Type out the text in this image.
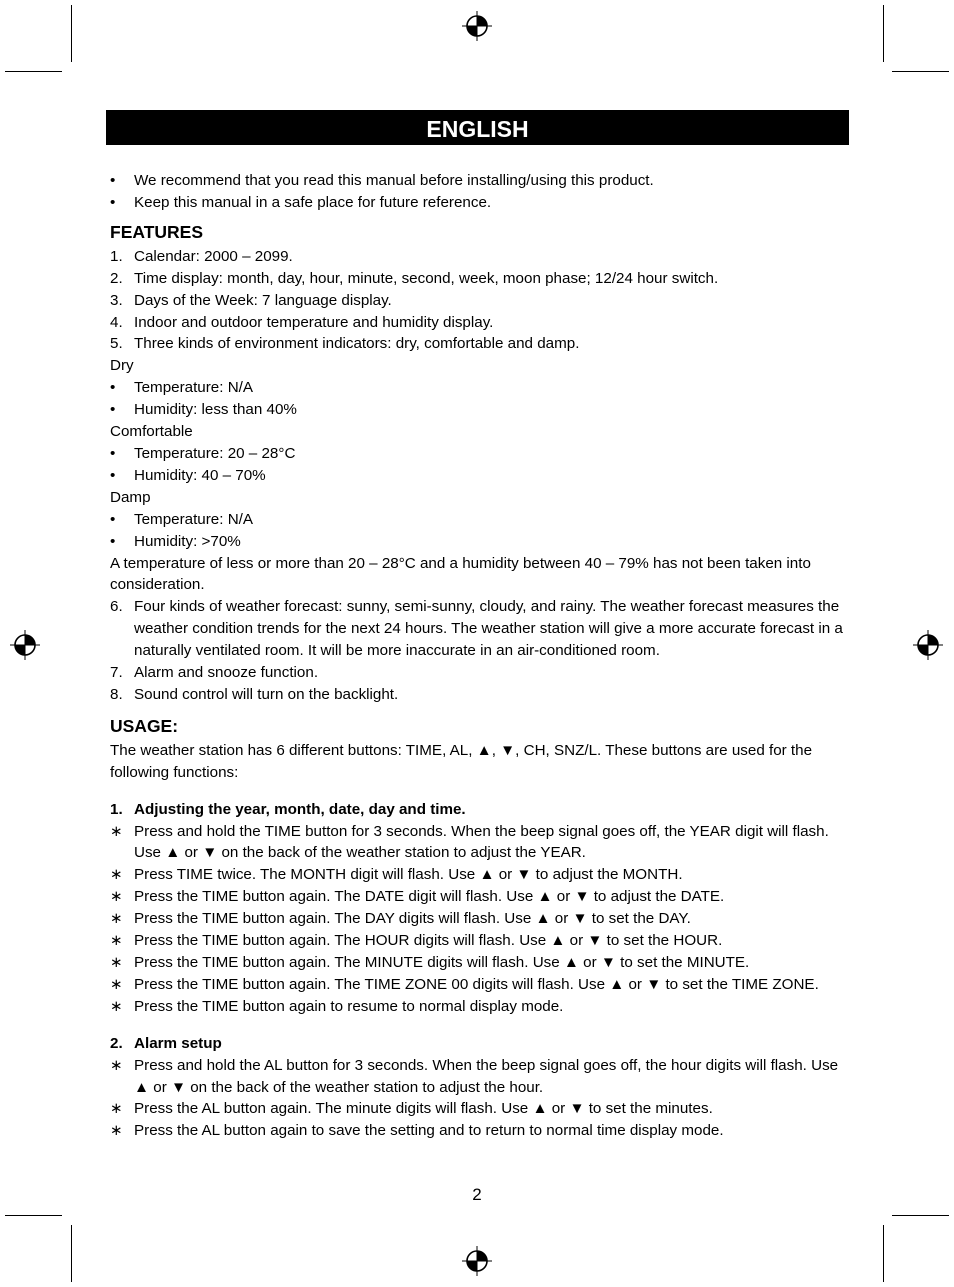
ENGLISH
• We recommend that you read this manual before installing/using this product.
• Keep this manual in a safe place for future reference.
FEATURES
1. Calendar: 2000 – 2099.
2. Time display: month, day, hour, minute, second, week, moon phase; 12/24 hour switch.
3. Days of the Week: 7 language display.
4. Indoor and outdoor temperature and humidity display.
5. Three kinds of environment indicators: dry, comfortable and damp.

Dry

• Temperature: N/A
• Humidity: less than 40%

Comfortable

• Temperature: 20 – 28°C
• Humidity: 40 – 70%

Damp

• Temperature: N/A
• Humidity: >70%

A temperature of less or more than 20 – 28°C and a humidity between 40 – 79% has not been taken into consideration.

6. Four kinds of weather forecast: sunny, semi-sunny, cloudy, and rainy. The weather forecast measures the weather condition trends for the next 24 hours. The weather station will give a more accurate forecast in a naturally ventilated room. It will be more inaccurate in an air-conditioned room.
7. Alarm and snooze function.
8. Sound control will turn on the backlight.
USAGE:

The weather station has 6 different buttons: TIME, AL, ▲, ▼, CH, SNZ/L. These buttons are used for the following functions:

1. Adjusting the year, month, date, day and time.
∗ Press and hold the TIME button for 3 seconds. When the beep signal goes off, the YEAR digit will flash. Use ▲ or ▼ on the back of the weather station to adjust the YEAR.
∗ Press TIME twice. The MONTH digit will flash. Use ▲ or ▼ to adjust the MONTH.
∗ Press the TIME button again. The DATE digit will flash. Use ▲ or ▼ to adjust the DATE.
∗ Press the TIME button again. The DAY digits will flash. Use ▲ or ▼ to set the DAY.
∗ Press the TIME button again. The HOUR digits will flash. Use ▲ or ▼ to set the HOUR.
∗ Press the TIME button again. The MINUTE digits will flash. Use ▲ or ▼ to set the MINUTE.
∗ Press the TIME button again. The TIME ZONE 00 digits will flash. Use ▲ or ▼ to set the TIME ZONE.
∗ Press the TIME button again to resume to normal display mode.
2. Alarm setup
∗ Press and hold the AL button for 3 seconds. When the beep signal goes off, the hour digits will flash. Use ▲ or ▼ on the back of the weather station to adjust the hour.
∗ Press the AL button again. The minute digits will flash. Use ▲ or ▼ to set the minutes.
∗ Press the AL button again to save the setting and to return to normal time display mode.
2
